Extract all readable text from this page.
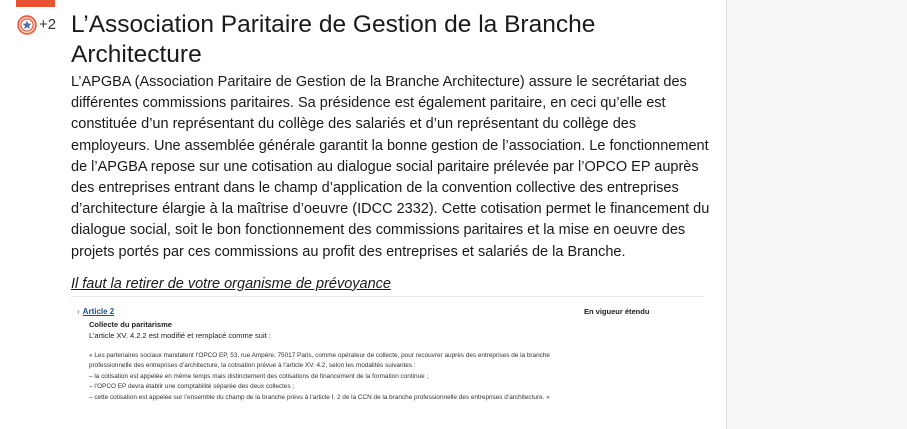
+2 L’Association Paritaire de Gestion de la Branche Architecture

L’APGBA (Association Paritaire de Gestion de la Branche Architecture) assure le secrétariat des différentes commissions paritaires. Sa présidence est également paritaire, en ceci qu’elle est constituée d’un représentant du collège des salariés et d’un représentant du collège des employeurs. Une assemblée générale garantit la bonne gestion de l’association. Le fonctionnement de l’APGBA repose sur une cotisation au dialogue social paritaire prélevée par l’OPCO EP auprès des entreprises entrant dans le champ d’application de la convention collective des entreprises d’architecture élargie à la maîtrise d’oeuvre (IDCC 2332). Cette cotisation permet le financement du dialogue social, soit le bon fonctionnement des commissions paritaires et la mise en oeuvre des projets portés par ces commissions au profit des entreprises et salariés de la Branche.

Il faut la retirer de votre organisme de prévoyance
› Article 2	En vigueur étendu
Collecte du paritarisme
L’article XV. 4.2.2 est modifié et remplacé comme suit :
« Les partenaires sociaux mandatent l’OPCO EP, 53, rue Ampère, 75017 Paris, comme opérateur de collecte, pour recouvrer auprès des entreprises de la branche
professionnelle des entreprises d’architecture, la cotisation prévue à l’article XV. 4.2, selon les modalités suivantes :
– la cotisation est appelée en même temps mais distinctement des cotisations de financement de la formation continue ;
– l’OPCO EP devra établir une comptabilité séparée des deux collectes ;
– cette cotisation est appelée sur l’ensemble du champ de la branche prévu à l’article I. 2 de la CCN de la branche professionnelle des entreprises d’architecture. »
